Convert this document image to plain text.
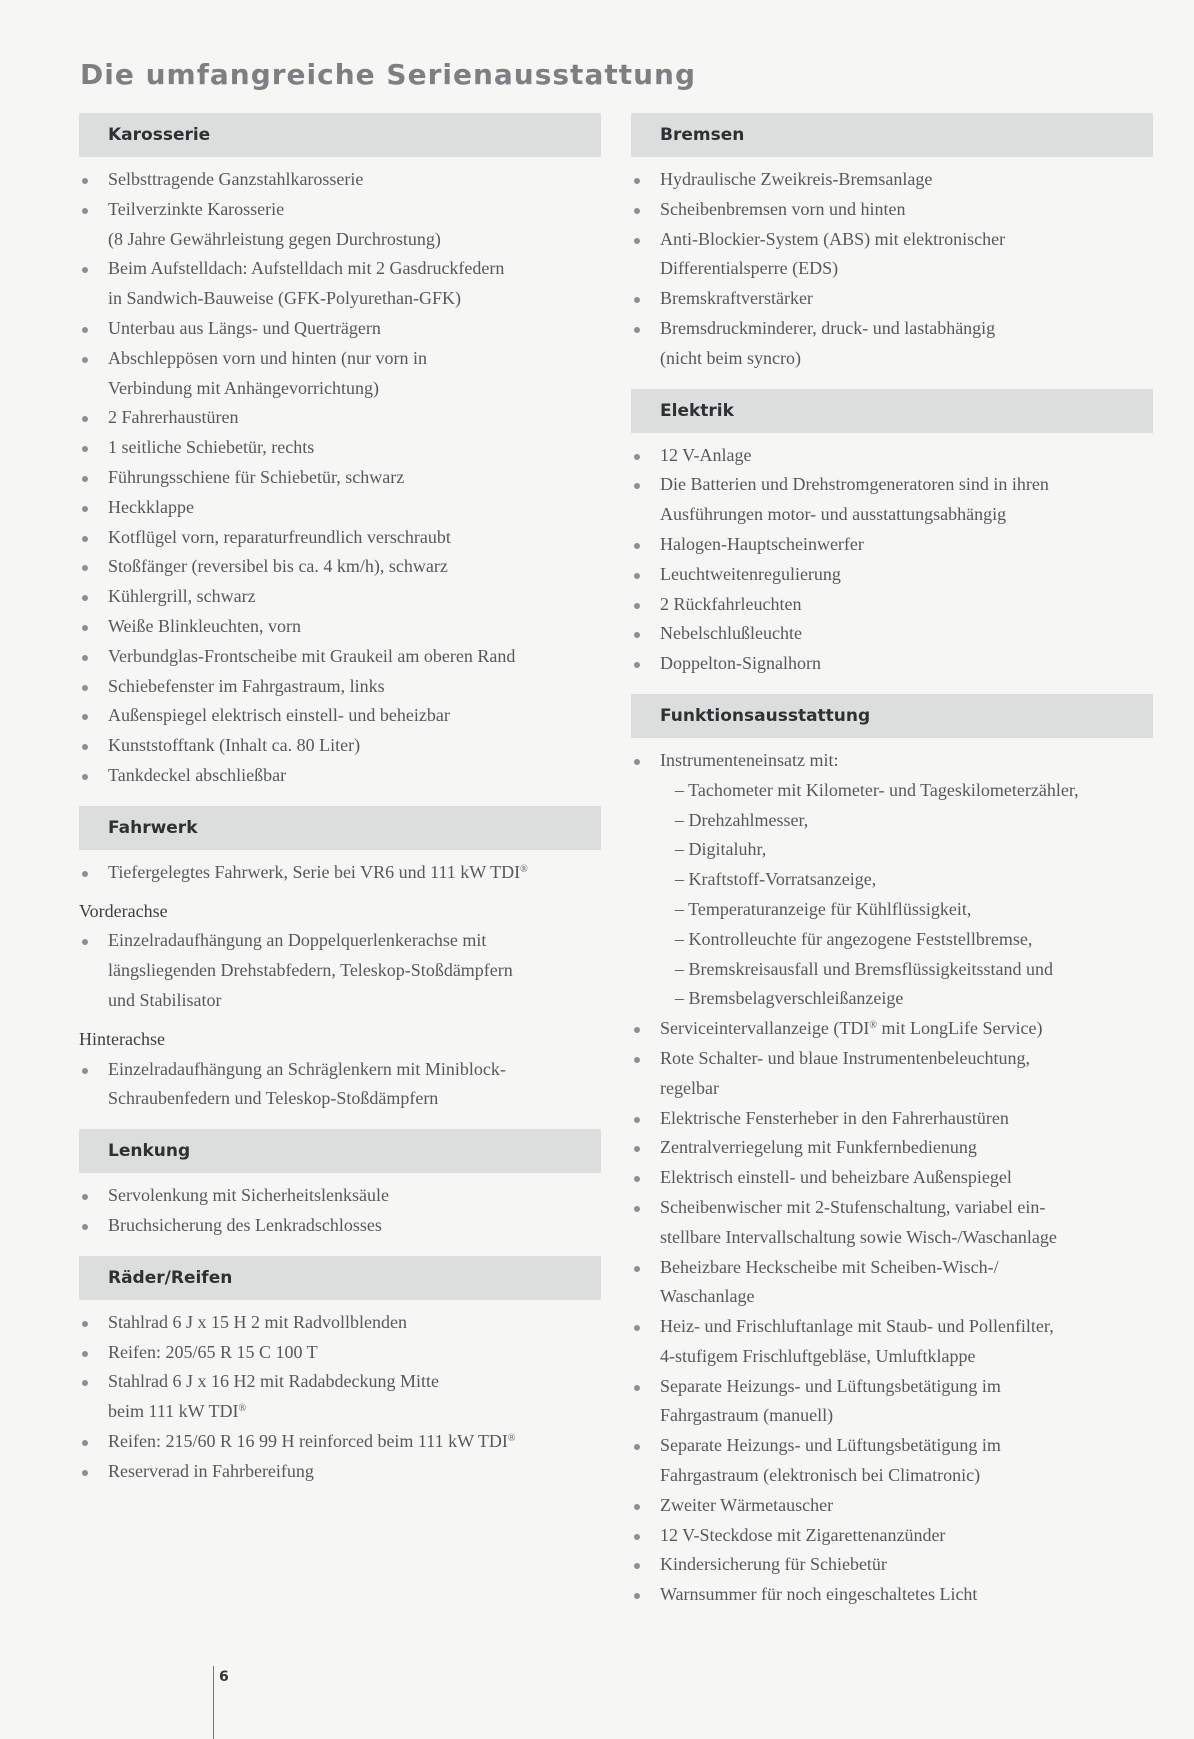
Die umfangreiche Serienausstattung
Karosserie
Selbsttragende Ganzstahlkarosserie
Teilverzinkte Karosserie
(8 Jahre Gewährleistung gegen Durchrostung)
Beim Aufstelldach: Aufstelldach mit 2 Gasdruckfedern
in Sandwich-Bauweise (GFK-Polyurethan-GFK)
Unterbau aus Längs- und Querträgern
Abschleppösen vorn und hinten (nur vorn in
Verbindung mit Anhängevorrichtung)
2 Fahrerhaustüren
1 seitliche Schiebetür, rechts
Führungsschiene für Schiebetür, schwarz
Heckklappe
Kotflügel vorn, reparaturfreundlich verschraubt
Stoßfänger (reversibel bis ca. 4 km/h), schwarz
Kühlergrill, schwarz
Weiße Blinkleuchten, vorn
Verbundglas-Frontscheibe mit Graukeil am oberen Rand
Schiebefenster im Fahrgastraum, links
Außenspiegel elektrisch einstell- und beheizbar
Kunststofftank (Inhalt ca. 80 Liter)
Tankdeckel abschließbar
Fahrwerk
Tiefergelegtes Fahrwerk, Serie bei VR6 und 111 kW TDI®
Vorderachse
Einzelradaufhängung an Doppelquerlenkerachse mit
längsliegenden Drehstabfedern, Teleskop-Stoßdämpfern
und Stabilisator
Hinterachse
Einzelradaufhängung an Schräglenkern mit Miniblock-
Schraubenfedern und Teleskop-Stoßdämpfern
Lenkung
Servolenkung mit Sicherheitslenksäule
Bruchsicherung des Lenkradschlosses
Räder/Reifen
Stahlrad 6 J x 15 H 2 mit Radvollblenden
Reifen: 205/65 R 15 C 100 T
Stahlrad 6 J x 16 H2 mit Radabdeckung Mitte
beim 111 kW TDI®
Reifen: 215/60 R 16 99 H reinforced beim 111 kW TDI®
Reserverad in Fahrbereifung
Bremsen
Hydraulische Zweikreis-Bremsanlage
Scheibenbremsen vorn und hinten
Anti-Blockier-System (ABS) mit elektronischer
Differentialsperre (EDS)
Bremskraftverstärker
Bremsdruckminderer, druck- und lastabhängig
(nicht beim syncro)
Elektrik
12 V-Anlage
Die Batterien und Drehstromgeneratoren sind in ihren
Ausführungen motor- und ausstattungsabhängig
Halogen-Hauptscheinwerfer
Leuchtweitenregulierung
2 Rückfahrleuchten
Nebelschlußleuchte
Doppelton-Signalhorn
Funktionsausstattung
Instrumenteneinsatz mit:
– Tachometer mit Kilometer- und Tageskilometerzähler,
– Drehzahlmesser,
– Digitaluhr,
– Kraftstoff-Vorratsanzeige,
– Temperaturanzeige für Kühlflüssigkeit,
– Kontrolleuchte für angezogene Feststellbremse,
– Bremskreisausfall und Bremsflüssigkeitsstand und
– Bremsbelagverschleißanzeige
Serviceintervallanzeige (TDI® mit LongLife Service)
Rote Schalter- und blaue Instrumentenbeleuchtung,
regelbar
Elektrische Fensterheber in den Fahrerhaustüren
Zentralverriegelung mit Funkfernbedienung
Elektrisch einstell- und beheizbare Außenspiegel
Scheibenwischer mit 2-Stufenschaltung, variabel ein-
stellbare Intervallschaltung sowie Wisch-/Waschanlage
Beheizbare Heckscheibe mit Scheiben-Wisch-/
Waschanlage
Heiz- und Frischluftanlage mit Staub- und Pollenfilter,
4-stufigem Frischluftgebläse, Umluftklappe
Separate Heizungs- und Lüftungsbetätigung im
Fahrgastraum (manuell)
Separate Heizungs- und Lüftungsbetätigung im
Fahrgastraum (elektronisch bei Climatronic)
Zweiter Wärmetauscher
12 V-Steckdose mit Zigarettenanzünder
Kindersicherung für Schiebetür
Warnsummer für noch eingeschaltetes Licht
6
